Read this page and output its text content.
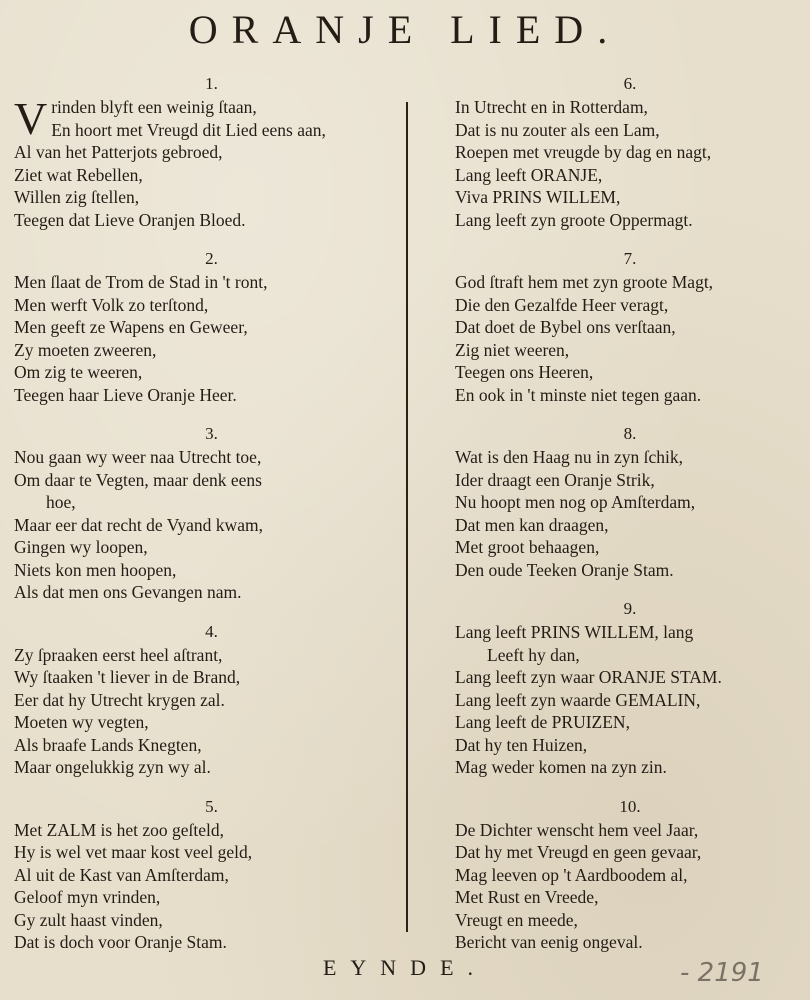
ORANJE LIED.
1.
V rinden blyft een weinig ſtaan,
En hoort met Vreugd dit Lied eens aan,
Al van het Patterjots gebroed,
Ziet wat Rebellen,
Willen zig ſtellen,
Teegen dat Lieve Oranjen Bloed.
2.
Men ſlaat de Trom de Stad in 't ront,
Men werft Volk zo terſtond,
Men geeft ze Wapens en Geweer,
Zy moeten zweeren,
Om zig te weeren,
Teegen haar Lieve Oranje Heer.
3.
Nou gaan wy weer naa Utrecht toe,
Om daar te Vegten, maar denk eens
hoe,
Maar eer dat recht de Vyand kwam,
Gingen wy loopen,
Niets kon men hoopen,
Als dat men ons Gevangen nam.
4.
Zy ſpraaken eerst heel aſtrant,
Wy ſtaaken 't liever in de Brand,
Eer dat hy Utrecht krygen zal.
Moeten wy vegten,
Als braafe Lands Knegten,
Maar ongelukkig zyn wy al.
5.
Met ZALM is het zoo geſteld,
Hy is wel vet maar kost veel geld,
Al uit de Kast van Amſterdam,
Geloof myn vrinden,
Gy zult haast vinden,
Dat is doch voor Oranje Stam.
6.
In Utrecht en in Rotterdam,
Dat is nu zouter als een Lam,
Roepen met vreugde by dag en nagt,
Lang leeft ORANJE,
Viva PRINS WILLEM,
Lang leeft zyn groote Oppermagt.
7.
God ſtraft hem met zyn groote Magt,
Die den Gezalfde Heer veragt,
Dat doet de Bybel ons verſtaan,
Zig niet weeren,
Teegen ons Heeren,
En ook in 't minste niet tegen gaan.
8.
Wat is den Haag nu in zyn ſchik,
Ider draagt een Oranje Strik,
Nu hoopt men nog op Amſterdam,
Dat men kan draagen,
Met groot behaagen,
Den oude Teeken Oranje Stam.
9.
Lang leeft PRINS WILLEM, lang
Leeft hy dan,
Lang leeft zyn waar ORANJE STAM.
Lang leeft zyn waarde GEMALIN,
Lang leeft de PRUIZEN,
Dat hy ten Huizen,
Mag weder komen na zyn zin.
10.
De Dichter wenscht hem veel Jaar,
Dat hy met Vreugd en geen gevaar,
Mag leeven op 't Aardboodem al,
Met Rust en Vreede,
Vreugt en meede,
Bericht van eenig ongeval.
EYNDE.	- 2191
